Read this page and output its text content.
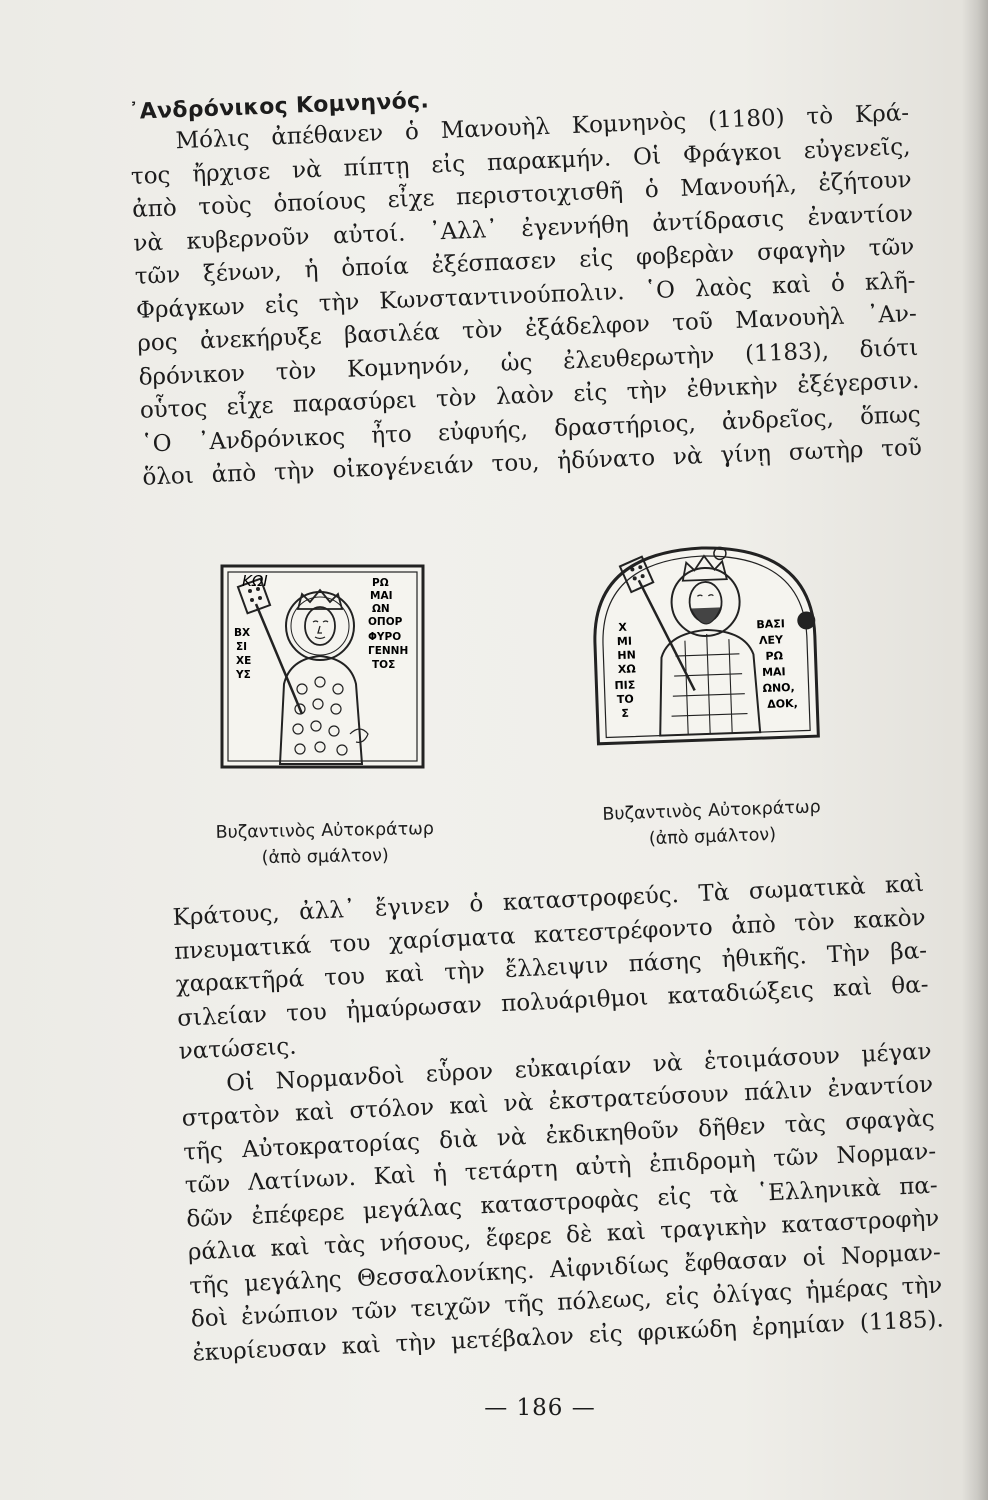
᾿Ανδρόνικος Κομνηνός.
Μόλις ἀπέθανεν ὁ Μανουὴλ Κομνηνὸς (1180) τὸ Κρά-
τος ἤρχισε νὰ πίπτῃ εἰς παρακμήν. Οἱ Φράγκοι εὐγενεῖς,
ἀπὸ τοὺς ὁποίους εἶχε περιστοιχισθῆ ὁ Μανουήλ, ἐζήτουν
νὰ κυβερνοῦν αὐτοί. ᾿Αλλ᾿ ἐγεννήθη ἀντίδρασις ἐναντίον
τῶν ξένων, ἡ ὁποία ἐξέσπασεν εἰς φοβερὰν σφαγὴν τῶν
Φράγκων εἰς τὴν Κωνσταντινούπολιν. ῾Ο λαὸς καὶ ὁ κλῆ-
ρος ἀνεκήρυξε βασιλέα τὸν ἐξάδελφον τοῦ Μανουὴλ ᾿Αν-
δρόνικον τὸν Κομνηνόν, ὡς ἐλευθερωτὴν (1183), διότι
οὗτος εἶχε παρασύρει τὸν λαὸν εἰς τὴν ἐθνικὴν ἐξέγερσιν.
῾Ο ᾿Ανδρόνικος ἦτο εὐφυής, δραστήριος, ἀνδρεῖος, ὅπως
ὅλοι ἀπὸ τὴν οἰκογένειάν του, ἠδύνατο νὰ γίνῃ σωτὴρ τοῦ
ΚΩΙ	ΡΩ
ΜΑΙ
ΩΝ
ΟΠΟΡ
ΦΥΡΟ
ΓΕΝΝΗ
ΤΟΣ
ΒΧ
ΣΙ
ΧΕ
ΥΣ
Χ
ΜΙ
ΗΝ
ΧΩ
ΠΙΣ
ΤΟ
Σ
ΒΑΣΙ
ΛΕΥ
ΡΩ
ΜΑΙ
ΩΝΟ,
ΔΟΚ,
Βυζαντινὸς Αὐτοκράτωρ
(ἀπὸ σμάλτον)
Βυζαντινὸς Αὐτοκράτωρ
(ἀπὸ σμάλτον)
Κράτους, ἀλλ᾿ ἔγινεν ὁ καταστροφεύς. Τὰ σωματικὰ καὶ
πνευματικά του χαρίσματα κατεστρέφοντο ἀπὸ τὸν κακὸν
χαρακτῆρά του καὶ τὴν ἔλλειψιν πάσης ἠθικῆς. Τὴν βα-
σιλείαν του ἠμαύρωσαν πολυάριθμοι καταδιώξεις καὶ θα-
νατώσεις.
Οἱ Νορμανδοὶ εὗρον εὐκαιρίαν νὰ ἑτοιμάσουν μέγαν
στρατὸν καὶ στόλον καὶ νὰ ἐκστρατεύσουν πάλιν ἐναντίον
τῆς Αὐτοκρατορίας διὰ νὰ ἐκδικηθοῦν δῆθεν τὰς σφαγὰς
τῶν Λατίνων. Καὶ ἡ τετάρτη αὐτὴ ἐπιδρομὴ τῶν Νορμαν-
δῶν ἐπέφερε μεγάλας καταστροφὰς εἰς τὰ ῾Ελληνικὰ πα-
ράλια καὶ τὰς νήσους, ἔφερε δὲ καὶ τραγικὴν καταστροφὴν
τῆς μεγάλης Θεσσαλονίκης. Αἰφνιδίως ἔφθασαν οἱ Νορμαν-
δοὶ ἐνώπιον τῶν τειχῶν τῆς πόλεως, εἰς ὀλίγας ἡμέρας τὴν
ἐκυρίευσαν καὶ τὴν μετέβαλον εἰς φρικώδη ἐρημίαν (1185).
— 186 —
